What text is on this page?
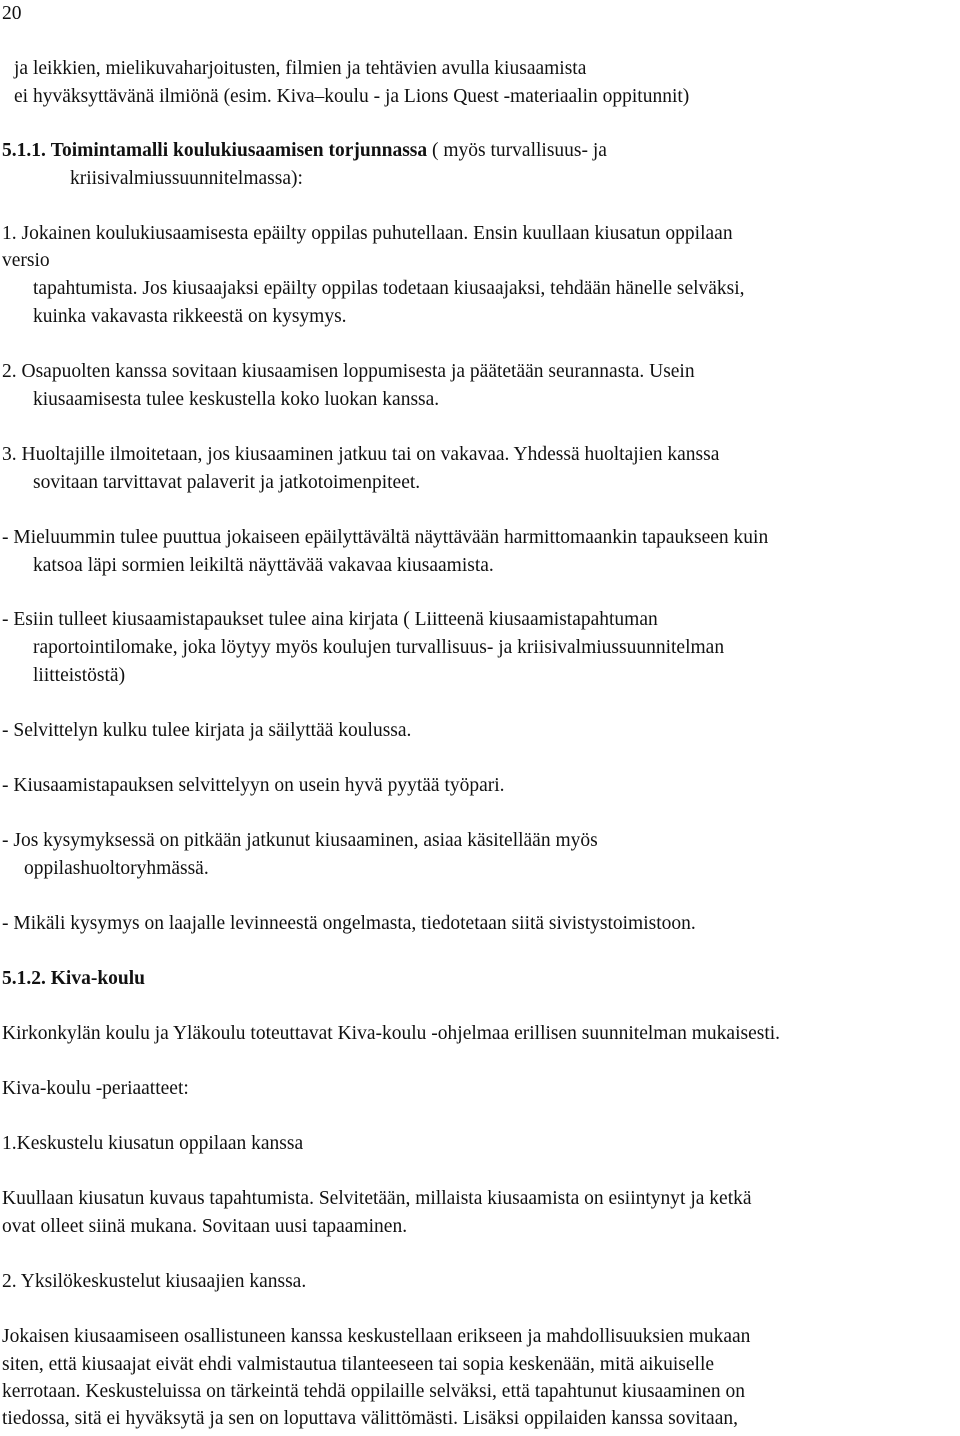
20
ja leikkien, mielikuvaharjoitusten, filmien ja tehtävien avulla kiusaamista
ei hyväksyttävänä ilmiönä (esim. Kiva–koulu - ja Lions Quest -materiaalin oppitunnit)
5.1.1. Toimintamalli koulukiusaamisen torjunnassa ( myös turvallisuus- ja
kriisivalmiussuunnitelmassa):
1. Jokainen koulukiusaamisesta epäilty oppilas puhutellaan. Ensin kuullaan kiusatun oppilaan
versio
tapahtumista. Jos kiusaajaksi epäilty oppilas todetaan kiusaajaksi, tehdään hänelle selväksi,
kuinka vakavasta rikkeestä on kysymys.
2. Osapuolten kanssa sovitaan kiusaamisen loppumisesta ja päätetään seurannasta. Usein
kiusaamisesta tulee keskustella koko luokan kanssa.
3. Huoltajille ilmoitetaan, jos kiusaaminen jatkuu tai on vakavaa. Yhdessä huoltajien kanssa
sovitaan tarvittavat palaverit ja jatkotoimenpiteet.
- Mieluummin tulee puuttua jokaiseen epäilyttävältä näyttävään harmittomaankin tapaukseen kuin
katsoa läpi sormien leikiltä näyttävää vakavaa kiusaamista.
- Esiin tulleet kiusaamistapaukset tulee aina kirjata ( Liitteenä kiusaamistapahtuman
raportointilomake, joka löytyy myös koulujen turvallisuus- ja kriisivalmiussuunnitelman
liitteistöstä)
- Selvittelyn kulku tulee kirjata ja säilyttää koulussa.
- Kiusaamistapauksen selvittelyyn on usein hyvä pyytää työpari.
- Jos kysymyksessä on pitkään jatkunut kiusaaminen, asiaa käsitellään myös
oppilashuoltoryhmässä.
- Mikäli kysymys on laajalle levinneestä ongelmasta, tiedotetaan siitä sivistystoimistoon.
5.1.2. Kiva-koulu
Kirkonkylän koulu ja Yläkoulu toteuttavat Kiva-koulu -ohjelmaa erillisen suunnitelman mukaisesti.
Kiva-koulu -periaatteet:
1.Keskustelu kiusatun oppilaan kanssa
Kuullaan kiusatun kuvaus tapahtumista. Selvitetään, millaista kiusaamista on esiintynyt ja ketkä
ovat olleet siinä mukana. Sovitaan uusi tapaaminen.
2. Yksilökeskustelut kiusaajien kanssa.
Jokaisen kiusaamiseen osallistuneen kanssa keskustellaan erikseen ja mahdollisuuksien mukaan
siten, että kiusaajat eivät ehdi valmistautua tilanteeseen tai sopia keskenään, mitä aikuiselle
kerrotaan. Keskusteluissa on tärkeintä tehdä oppilaille selväksi, että tapahtunut kiusaaminen on
tiedossa, sitä ei hyväksytä ja sen on loputtava välittömästi. Lisäksi oppilaiden kanssa sovitaan,
